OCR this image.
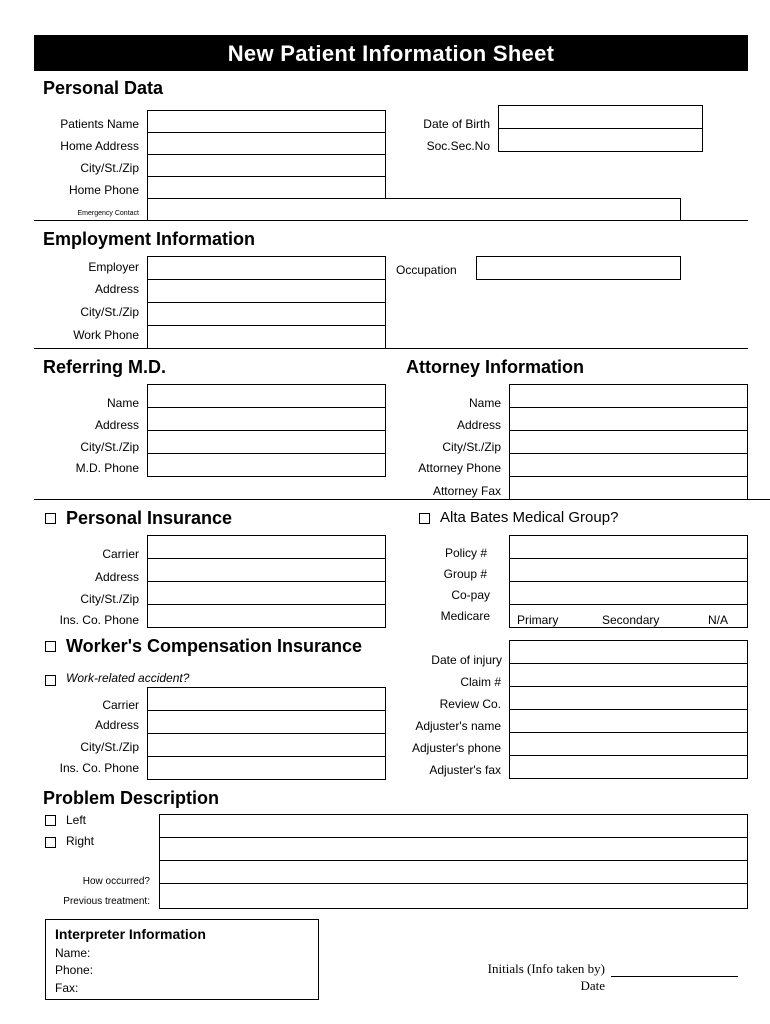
New Patient Information Sheet
Personal Data
Patients Name
Home Address
City/St./Zip
Home Phone
Emergency Contact
Date of Birth
Soc.Sec.No
Employment Information
Employer
Address
City/St./Zip
Work Phone
Occupation
Referring M.D.	Attorney Information
Name
Address
City/St./Zip
M.D. Phone
Name
Address
City/St./Zip
Attorney Phone
Attorney Fax
Personal Insurance	Alta Bates Medical Group?
Carrier
Address
City/St./Zip
Ins. Co. Phone
Policy #
Group #
Co-pay
Medicare Primary	Secondary	N/A
Worker's Compensation Insurance
Work-related accident?
Carrier
Address
City/St./Zip
Ins. Co. Phone
Date of injury
Claim #
Review Co.
Adjuster's name
Adjuster's phone
Adjuster's fax
Problem Description
Left
Right
How occurred?
Previous treatment:
Interpreter Information
Name:
Phone:
Fax:
Initials (Info taken by)
Date
